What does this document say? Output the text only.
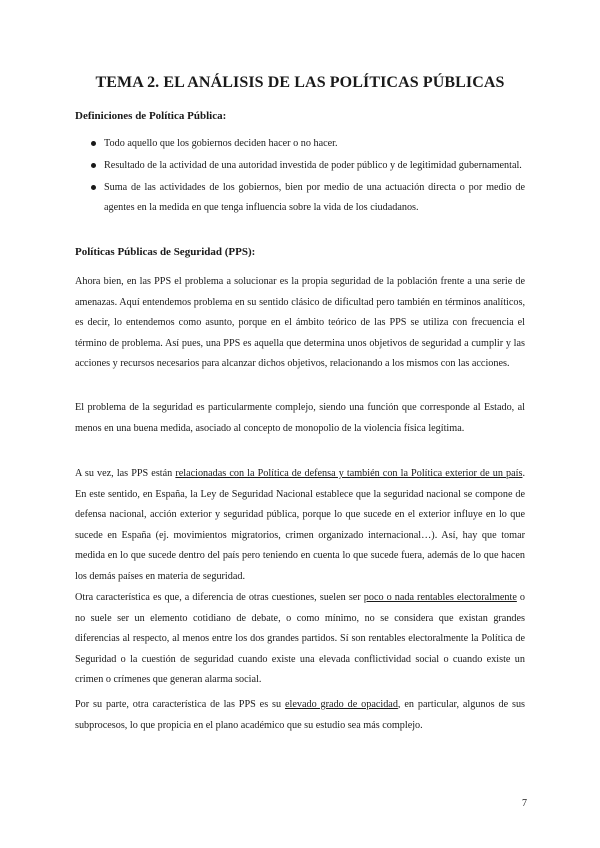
TEMA 2. EL ANÁLISIS DE LAS POLÍTICAS PÚBLICAS

Definiciones de Política Pública:

Todo aquello que los gobiernos deciden hacer o no hacer.
Resultado de la actividad de una autoridad investida de poder público y de legitimidad gubernamental.
Suma de las actividades de los gobiernos, bien por medio de una actuación directa o por medio de agentes en la medida en que tenga influencia sobre la vida de los ciudadanos.

Políticas Públicas de Seguridad (PPS):

Ahora bien, en las PPS el problema a solucionar es la propia seguridad de la población frente a una serie de amenazas. Aquí entendemos problema en su sentido clásico de dificultad pero también en términos analíticos, es decir, lo entendemos como asunto, porque en el ámbito teórico de las PPS se utiliza con frecuencia el término de problema. Así pues, una PPS es aquella que determina unos objetivos de seguridad a cumplir y las acciones y recursos necesarios para alcanzar dichos objetivos, relacionando a los mismos con las acciones.

El problema de la seguridad es particularmente complejo, siendo una función que corresponde al Estado, al menos en una buena medida, asociado al concepto de monopolio de la violencia física legítima.

A su vez, las PPS están relacionadas con la Política de defensa y también con la Política exterior de un país. En este sentido, en España, la Ley de Seguridad Nacional establece que la seguridad nacional se compone de defensa nacional, acción exterior y seguridad pública, porque lo que sucede en el exterior influye en lo que sucede en España (ej. movimientos migratorios, crimen organizado internacional…). Así, hay que tomar medida en lo que sucede dentro del país pero teniendo en cuenta lo que sucede fuera, además de lo que hacen los demás países en materia de seguridad.

Otra característica es que, a diferencia de otras cuestiones, suelen ser poco o nada rentables electoralmente o no suele ser un elemento cotidiano de debate, o como mínimo, no se considera que existan grandes diferencias al respecto, al menos entre los dos grandes partidos. Sí son rentables electoralmente la Política de Seguridad o la cuestión de seguridad cuando existe una elevada conflictividad social o cuando existe un crimen o crímenes que generan alarma social.

Por su parte, otra característica de las PPS es su elevado grado de opacidad, en particular, algunos de sus subprocesos, lo que propicia en el plano académico que su estudio sea más complejo.

7
